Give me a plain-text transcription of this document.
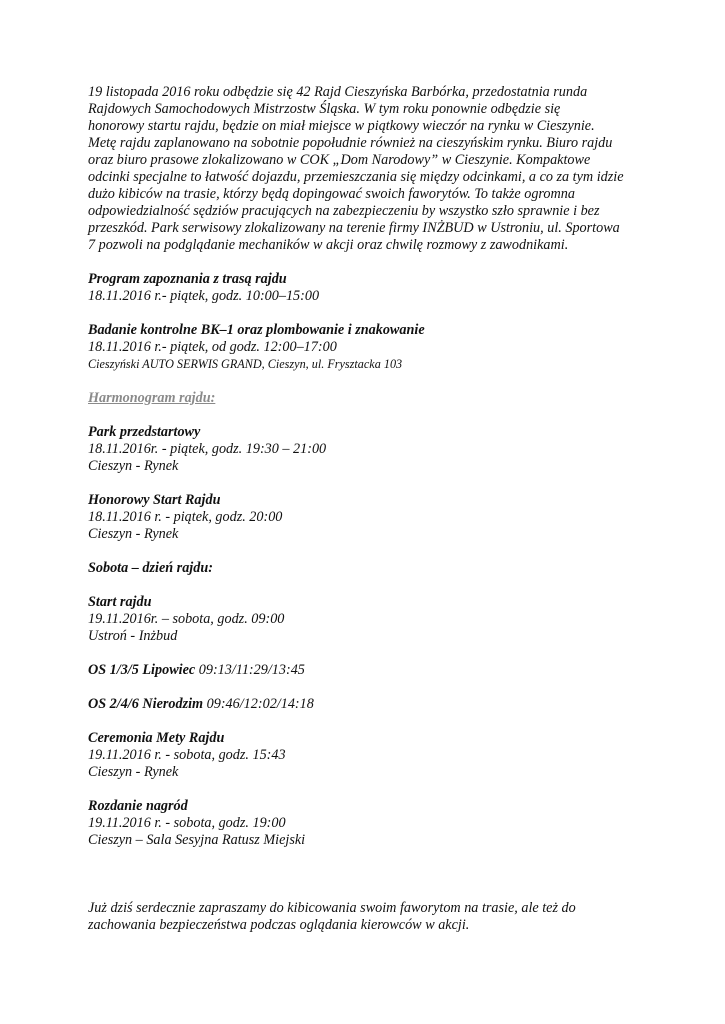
19 listopada 2016 roku odbędzie się 42 Rajd Cieszyńska Barbórka, przedostatnia runda
Rajdowych Samochodowych Mistrzostw Śląska. W tym roku ponownie odbędzie się
honorowy startu rajdu, będzie on miał miejsce w piątkowy wieczór na rynku w Cieszynie.
Metę rajdu zaplanowano na sobotnie popołudnie również na cieszyńskim rynku. Biuro rajdu
oraz biuro prasowe zlokalizowano w COK „Dom Narodowy” w Cieszynie. Kompaktowe
odcinki specjalne to łatwość dojazdu, przemieszczania się między odcinkami, a co za tym idzie
dużo kibiców na trasie, którzy będą dopingować swoich faworytów. To także ogromna
odpowiedzialność sędziów pracujących na zabezpieczeniu by wszystko szło sprawnie i bez
przeszkód. Park serwisowy zlokalizowany na terenie firmy INŻBUD w Ustroniu, ul. Sportowa
7 pozwoli na podglądanie mechaników w akcji oraz chwilę rozmowy z zawodnikami.
Program zapoznania z trasą rajdu
18.11.2016 r.- piątek, godz. 10:00–15:00
Badanie kontrolne BK–1 oraz plombowanie i znakowanie
18.11.2016 r.- piątek, od godz. 12:00–17:00
Cieszyński AUTO SERWIS GRAND, Cieszyn, ul. Frysztacka 103
Harmonogram rajdu:
Park przedstartowy
18.11.2016r. - piątek, godz. 19:30 – 21:00
Cieszyn - Rynek
Honorowy Start Rajdu
18.11.2016 r. - piątek, godz. 20:00
Cieszyn - Rynek
Sobota – dzień rajdu:
Start rajdu
19.11.2016r. – sobota, godz. 09:00
Ustroń - Inżbud
OS 1/3/5 Lipowiec 09:13/11:29/13:45
OS 2/4/6 Nierodzim 09:46/12:02/14:18
Ceremonia Mety Rajdu
19.11.2016 r. - sobota, godz. 15:43
Cieszyn - Rynek
Rozdanie nagród
19.11.2016 r. - sobota, godz. 19:00
Cieszyn – Sala Sesyjna Ratusz Miejski
Już dziś serdecznie zapraszamy do kibicowania swoim faworytom na trasie, ale też do
zachowania bezpieczeństwa podczas oglądania kierowców w akcji.
